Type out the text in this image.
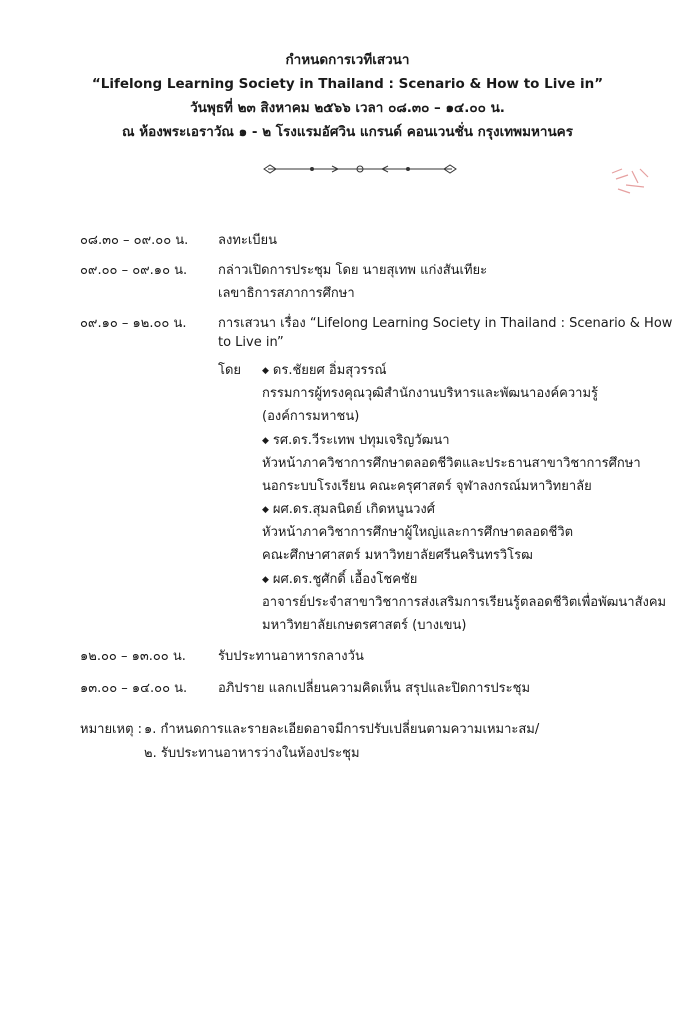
กำหนดการเวทีเสวนา

“Lifelong Learning Society in Thailand : Scenario & How to Live in”

วันพุธที่ ๒๓ สิงหาคม ๒๕๖๖ เวลา ๐๘.๓๐ – ๑๔.๐๐ น.

ณ ห้องพระเอราวัณ ๑ - ๒ โรงแรมอัศวิน แกรนด์ คอนเวนชั่น กรุงเทพมหานคร

๐๘.๓๐ – ๐๙.๐๐ น. ลงทะเบียน
๐๙.๐๐ – ๐๙.๑๐ น. กล่าวเปิดการประชุม โดย นายสุเทพ แก่งสันเทียะ
เลขาธิการสภาการศึกษา
๐๙.๑๐ – ๑๒.๐๐ น. การเสวนา เรื่อง “Lifelong Learning Society in Thailand : Scenario & How
to Live in”
โดย ◆ ดร.ชัยยศ อิ่มสุวรรณ์
กรรมการผู้ทรงคุณวุฒิสำนักงานบริหารและพัฒนาองค์ความรู้
(องค์การมหาชน)
◆ รศ.ดร.วีระเทพ ปทุมเจริญวัฒนา
หัวหน้าภาควิชาการศึกษาตลอดชีวิตและประธานสาขาวิชาการศึกษา
นอกระบบโรงเรียน คณะครุศาสตร์ จุฬาลงกรณ์มหาวิทยาลัย
◆ ผศ.ดร.สุมลนิตย์ เกิดหนูนวงศ์
หัวหน้าภาควิชาการศึกษาผู้ใหญ่และการศึกษาตลอดชีวิต
คณะศึกษาศาสตร์ มหาวิทยาลัยศรีนครินทรวิโรฒ
◆ ผศ.ดร.ชูศักดิ์ เอื้องโชคชัย
อาจารย์ประจำสาขาวิชาการส่งเสริมการเรียนรู้ตลอดชีวิตเพื่อพัฒนาสังคม
มหาวิทยาลัยเกษตรศาสตร์ (บางเขน)
๑๒.๐๐ – ๑๓.๐๐ น. รับประทานอาหารกลางวัน
๑๓.๐๐ – ๑๔.๐๐ น. อภิปราย แลกเปลี่ยนความคิดเห็น สรุปและปิดการประชุม
หมายเหตุ : ๑. กำหนดการและรายละเอียดอาจมีการปรับเปลี่ยนตามความเหมาะสม/
๒. รับประทานอาหารว่างในห้องประชุม
